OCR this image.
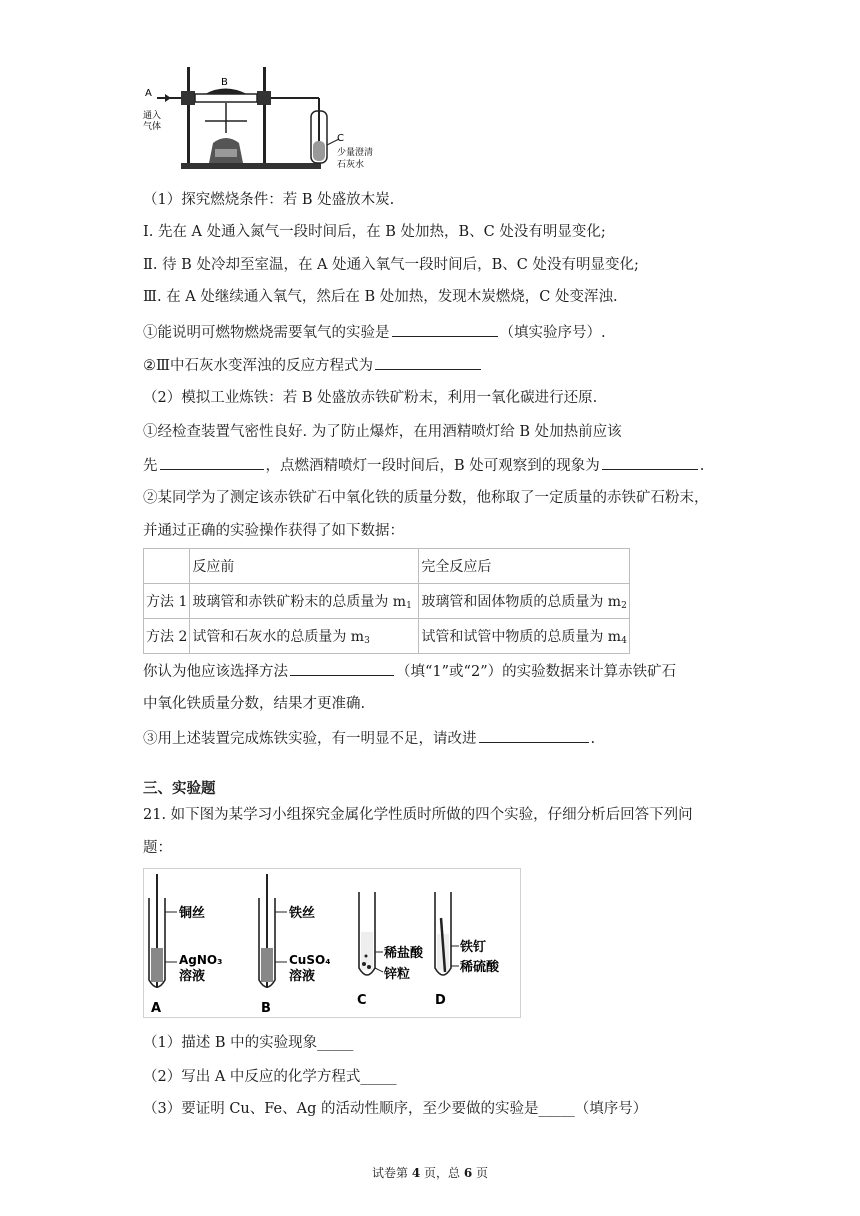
A
B
通入
气体
C
少量澄清
石灰水
（1）探究燃烧条件：若 B 处盛放木炭.
Ⅰ. 先在 A 处通入氮气一段时间后，在 B 处加热，B、C 处没有明显变化;
Ⅱ. 待 B 处冷却至室温，在 A 处通入氧气一段时间后，B、C 处没有明显变化;
Ⅲ. 在 A 处继续通入氧气，然后在 B 处加热，发现木炭燃烧，C 处变浑浊.
①能说明可燃物燃烧需要氧气的实验是	（填实验序号）.
②Ⅲ中石灰水变浑浊的反应方程式为
（2）模拟工业炼铁：若 B 处盛放赤铁矿粉末，利用一氧化碳进行还原.
①经检查装置气密性良好. 为了防止爆炸，在用酒精喷灯给 B 处加热前应该
先	，点燃酒精喷灯一段时间后，B 处可观察到的现象为	.
②某同学为了测定该赤铁矿石中氧化铁的质量分数，他称取了一定质量的赤铁矿石粉末，
并通过正确的实验操作获得了如下数据：
	反应前	完全反应后
方法 1	玻璃管和赤铁矿粉末的总质量为 $m_1$	玻璃管和固体物质的总质量为 $m_2$
方法 2	试管和石灰水的总质量为 $m_3$	试管和试管中物质的总质量为 $m_4$
你认为他应该选择方法	（填“1”或“2”）的实验数据来计算赤铁矿石
中氧化铁质量分数，结果才更准确.
③用上述装置完成炼铁实验，有一明显不足，请改进	.
三、实验题
21. 如下图为某学习小组探究金属化学性质时所做的四个实验，仔细分析后回答下列问
题：
铜丝
AgNO₃
溶液
A
铁丝
CuSO₄
溶液
B
稀盐酸
锌粒
C
铁钉
稀硫酸
D
（1）描述 B 中的实验现象_____
（2）写出 A 中反应的化学方程式_____
（3）要证明 Cu、Fe、Ag 的活动性顺序，至少要做的实验是_____（填序号）
试卷第 4 页，总 6 页
